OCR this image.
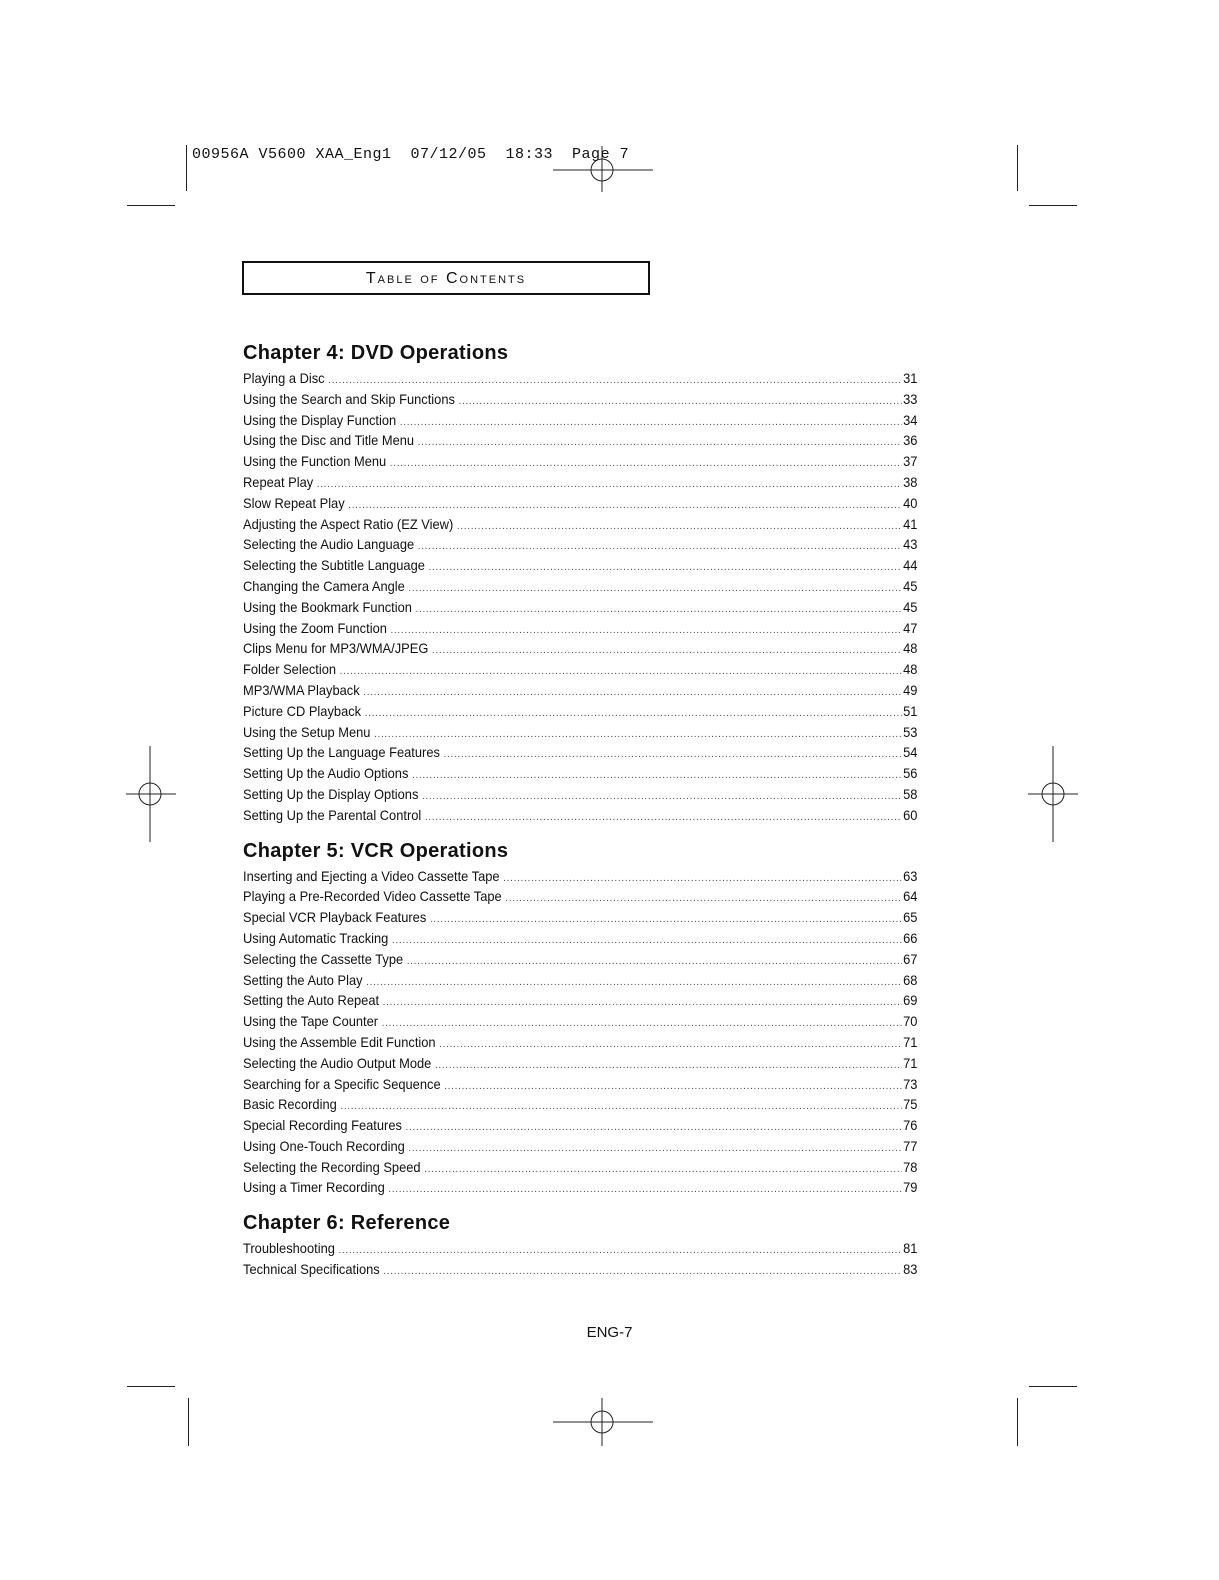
00956A V5600 XAA_Eng1  07/12/05  18:33  Page 7
Table of Contents
Chapter 4: DVD Operations
Playing a Disc .....	31
Using the Search and Skip Functions .....	33
Using the Display Function .....	34
Using the Disc and Title Menu .....	36
Using the Function Menu .....	37
Repeat Play .....	38
Slow Repeat Play .....	40
Adjusting the Aspect Ratio (EZ View) .....	41
Selecting the Audio Language .....	43
Selecting the Subtitle Language .....	44
Changing the Camera Angle .....	45
Using the Bookmark Function .....	45
Using the Zoom Function .....	47
Clips Menu for MP3/WMA/JPEG .....	48
Folder Selection .....	48
MP3/WMA Playback .....	49
Picture CD Playback .....	51
Using the Setup Menu .....	53
Setting Up the Language Features .....	54
Setting Up the Audio Options .....	56
Setting Up the Display Options .....	58
Setting Up the Parental Control .....	60
Chapter 5: VCR Operations
Inserting and Ejecting a Video Cassette Tape .....	63
Playing a Pre-Recorded Video Cassette Tape .....	64
Special VCR Playback Features .....	65
Using Automatic Tracking .....	66
Selecting the Cassette Type .....	67
Setting the Auto Play .....	68
Setting the Auto Repeat .....	69
Using the Tape Counter .....	70
Using the Assemble Edit Function .....	71
Selecting the Audio Output Mode .....	71
Searching for a Specific Sequence .....	73
Basic Recording .....	75
Special Recording Features .....	76
Using One-Touch Recording .....	77
Selecting the Recording Speed .....	78
Using a Timer Recording .....	79
Chapter 6: Reference
Troubleshooting .....	81
Technical Specifications .....	83
ENG-7
